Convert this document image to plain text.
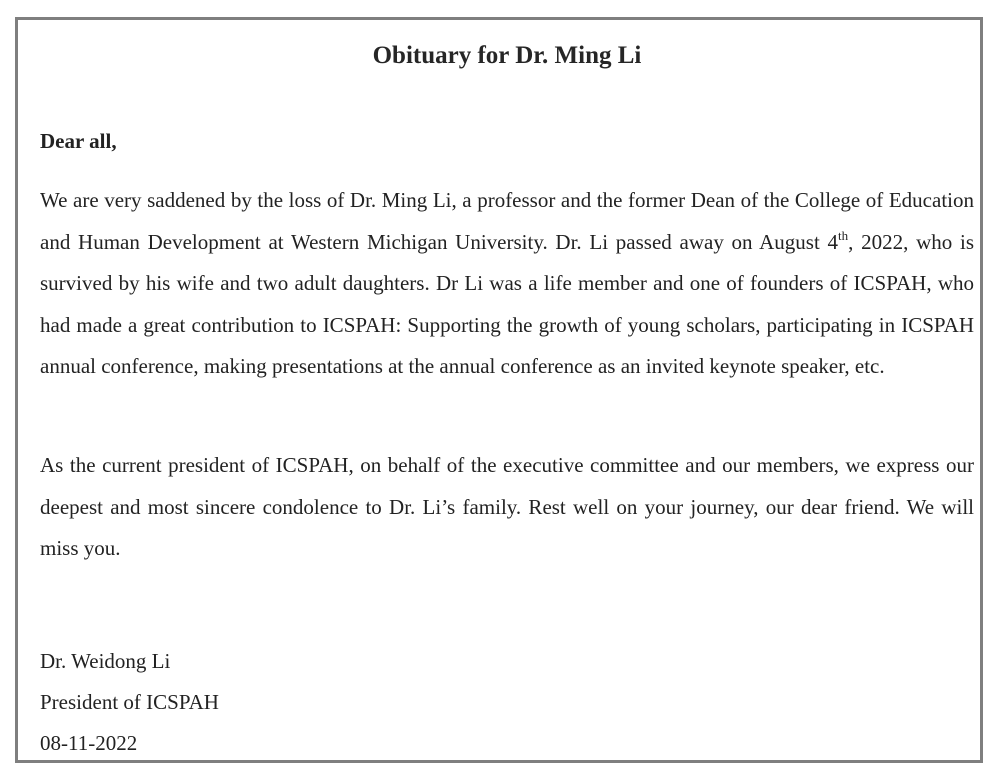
Obituary for Dr. Ming Li

Dear all,

We are very saddened by the loss of Dr. Ming Li, a professor and the former Dean of the College of Education and Human Development at Western Michigan University. Dr. Li passed away on August 4th, 2022, who is survived by his wife and two adult daughters. Dr Li was a life member and one of founders of ICSPAH, who had made a great contribution to ICSPAH: Supporting the growth of young scholars, participating in ICSPAH annual conference, making presentations at the annual conference as an invited keynote speaker, etc.

As the current president of ICSPAH, on behalf of the executive committee and our members, we express our deepest and most sincere condolence to Dr. Li’s family. Rest well on your journey, our dear friend. We will miss you.

Dr. Weidong Li

President of ICSPAH

08-11-2022
